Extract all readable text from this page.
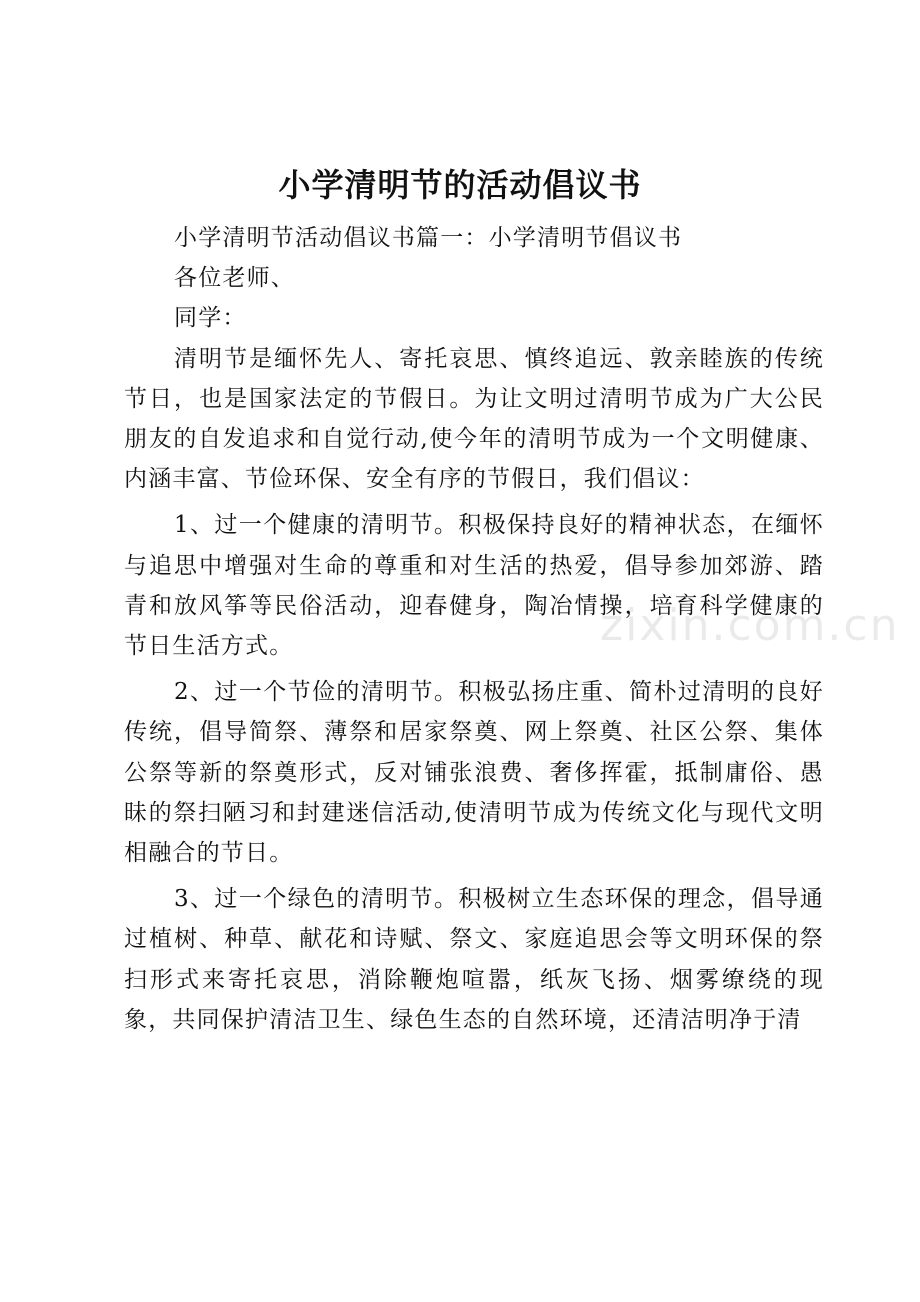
小学清明节的活动倡议书

小学清明节活动倡议书篇一：小学清明节倡议书

各位老师、

同学：

清明节是缅怀先人、寄托哀思、慎终追远、敦亲睦族的传统节日，也是国家法定的节假日。为让文明过清明节成为广大公民朋友的自发追求和自觉行动,使今年的清明节成为一个文明健康、内涵丰富、节俭环保、安全有序的节假日，我们倡议：

1、过一个健康的清明节。积极保持良好的精神状态，在缅怀与追思中增强对生命的尊重和对生活的热爱，倡导参加郊游、踏青和放风筝等民俗活动，迎春健身，陶冶情操，培育科学健康的节日生活方式。

2、过一个节俭的清明节。积极弘扬庄重、简朴过清明的良好传统，倡导简祭、薄祭和居家祭奠、网上祭奠、社区公祭、集体公祭等新的祭奠形式，反对铺张浪费、奢侈挥霍，抵制庸俗、愚昧的祭扫陋习和封建迷信活动,使清明节成为传统文化与现代文明相融合的节日。

3、过一个绿色的清明节。积极树立生态环保的理念，倡导通过植树、种草、献花和诗赋、祭文、家庭追思会等文明环保的祭扫形式来寄托哀思，消除鞭炮喧嚣，纸灰飞扬、烟雾缭绕的现象，共同保护清洁卫生、绿色生态的自然环境，还清洁明净于清

zixin.com.cn
